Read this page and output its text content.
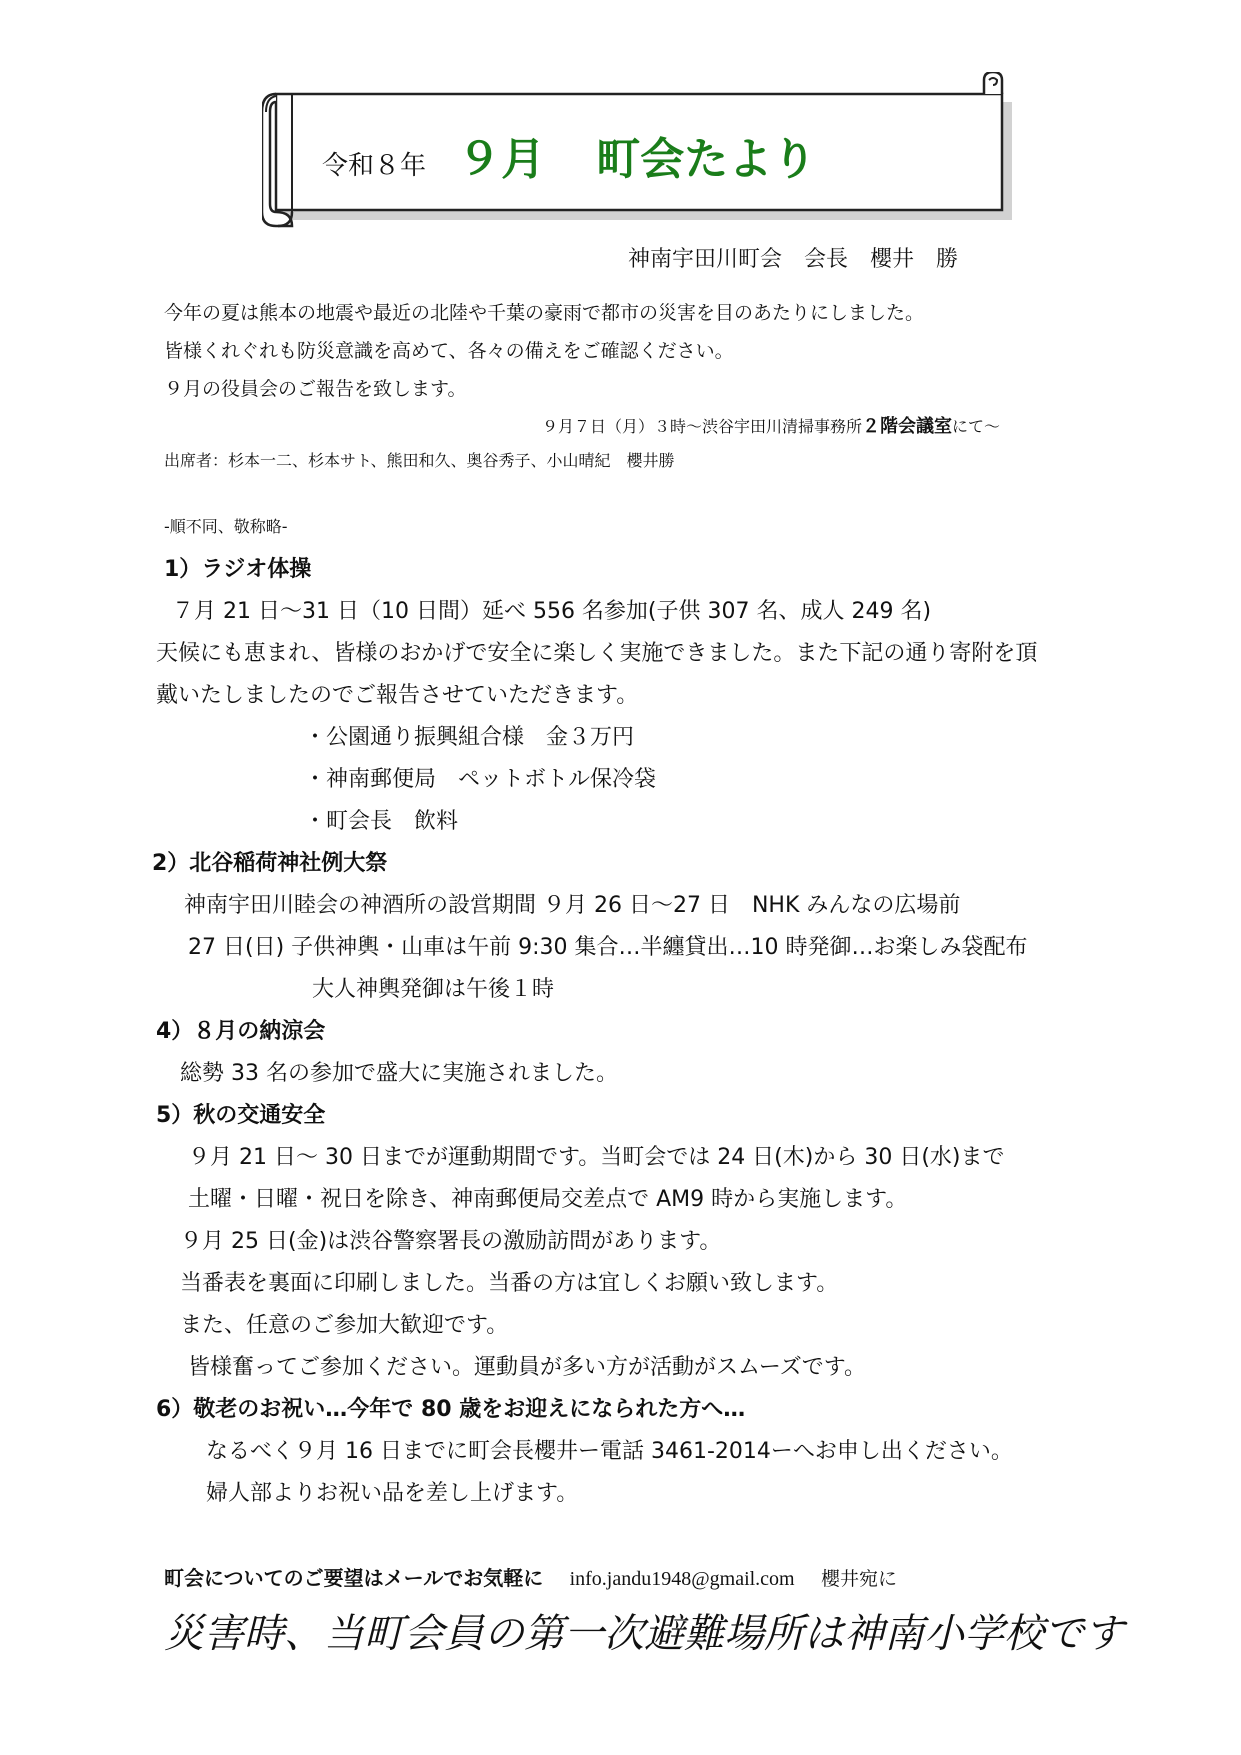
令和８年 ９月 町会たより
神南宇田川町会　会長　櫻井　勝
今年の夏は熊本の地震や最近の北陸や千葉の豪雨で都市の災害を目のあたりにしました。
皆様くれぐれも防災意識を高めて、各々の備えをご確認ください。
９月の役員会のご報告を致します。
９月７日（月）３時～渋谷宇田川清掃事務所２階会議室にて～
出席者：杉本一二、杉本サト、熊田和久、奥谷秀子、小山晴紀　櫻井勝
-順不同、敬称略-
1）ラジオ体操
７月 21 日～31 日（10 日間）延べ 556 名参加(子供 307 名、成人 249 名)
天候にも恵まれ、皆様のおかげで安全に楽しく実施できました。また下記の通り寄附を頂
戴いたしましたのでご報告させていただきます。
・公園通り振興組合様　金３万円
・神南郵便局　ペットボトル保冷袋
・町会長　飲料
2）北谷稲荷神社例大祭
神南宇田川睦会の神酒所の設営期間 ９月 26 日～27 日　NHK みんなの広場前
27 日(日) 子供神輿・山車は午前 9:30 集合…半纏貸出…10 時発御…お楽しみ袋配布
大人神輿発御は午後１時
4）８月の納涼会
総勢 33 名の参加で盛大に実施されました。
5）秋の交通安全
９月 21 日～ 30 日までが運動期間です。当町会では 24 日(木)から 30 日(水)まで
土曜・日曜・祝日を除き、神南郵便局交差点で AM9 時から実施します。
９月 25 日(金)は渋谷警察署長の激励訪問があります。
当番表を裏面に印刷しました。当番の方は宜しくお願い致します。
また、任意のご参加大歓迎です。
皆様奮ってご参加ください。運動員が多い方が活動がスムーズです。
6）敬老のお祝い…今年で 80 歳をお迎えになられた方へ…
なるべく９月 16 日までに町会長櫻井ー電話 3461-2014ーへお申し出ください。
婦人部よりお祝い品を差し上げます。
町会についてのご要望はメールでお気軽に info.jandu1948@gmail.com 櫻井宛に
災害時、当町会員の第一次避難場所は神南小学校です
